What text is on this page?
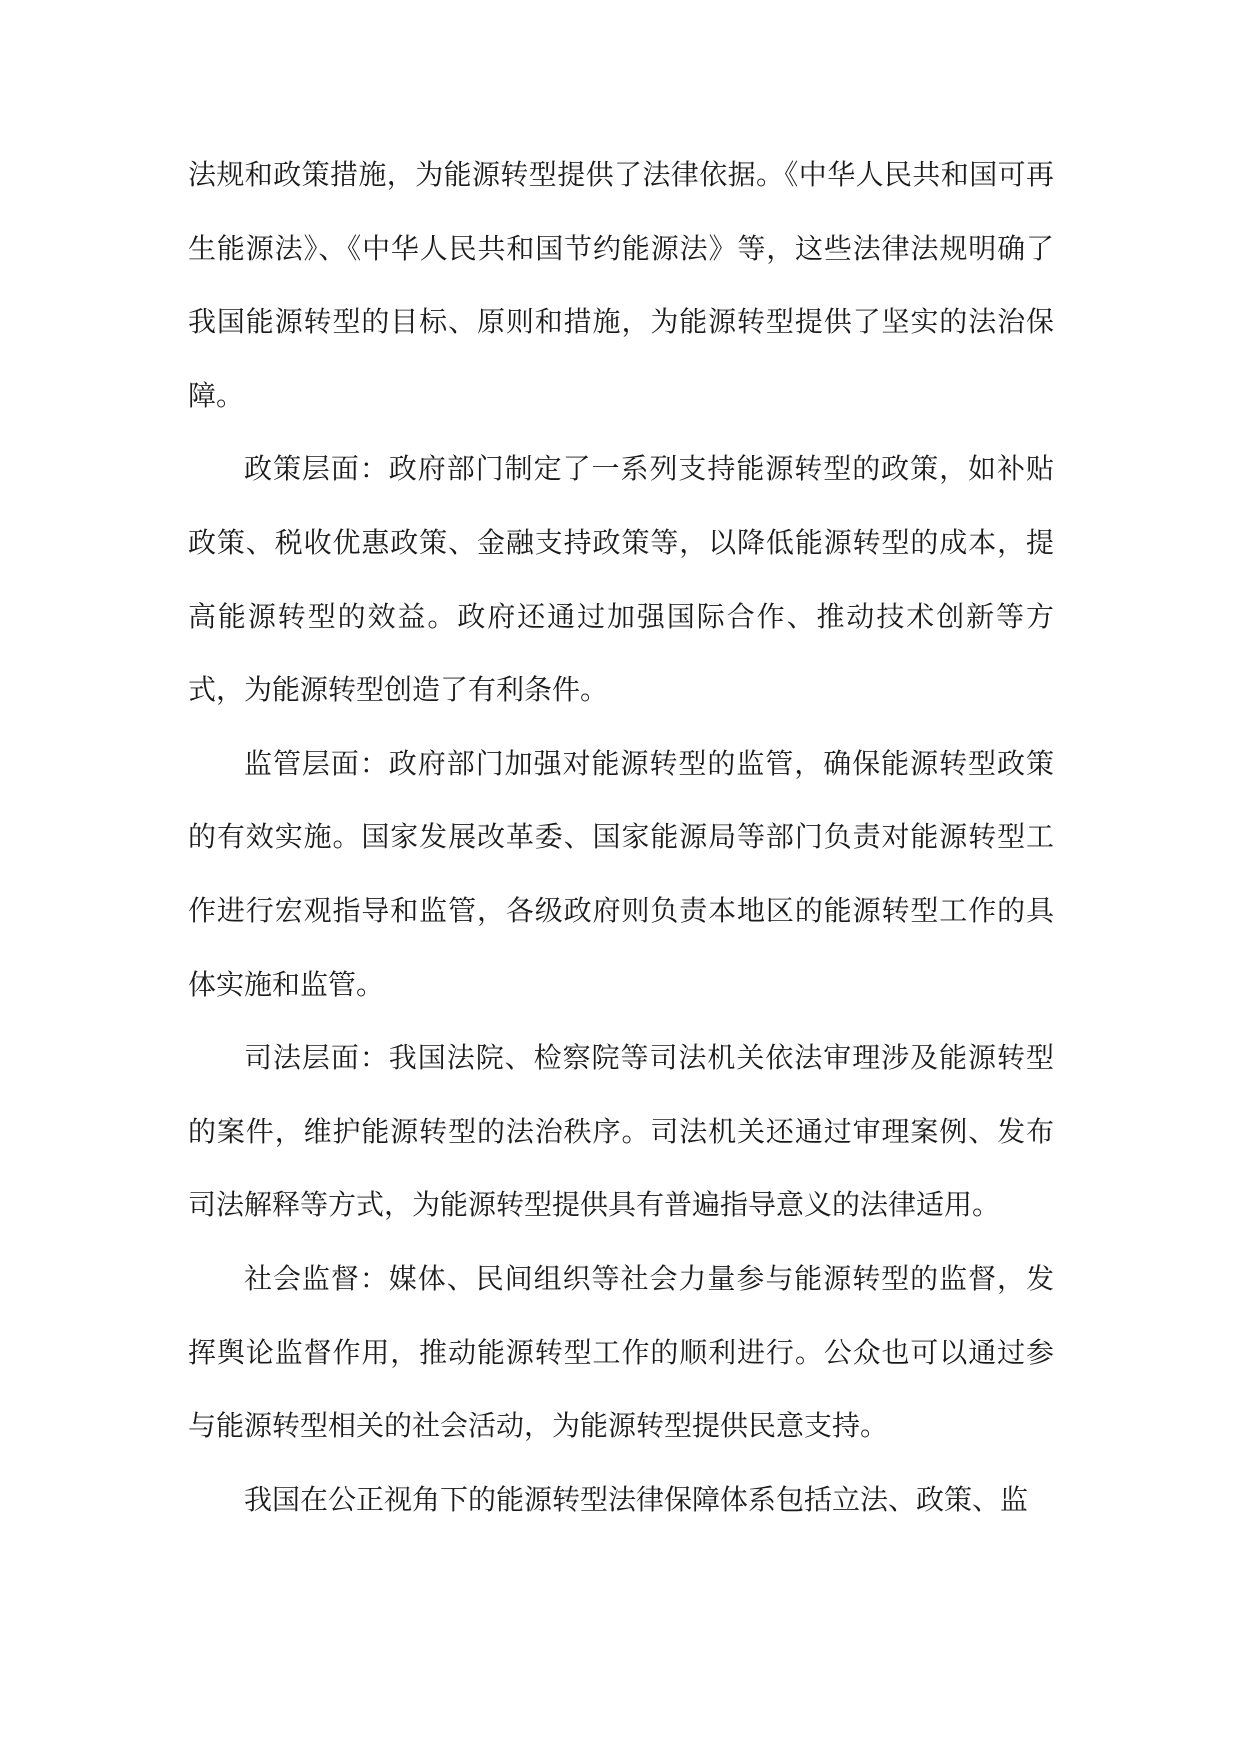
法规和政策措施，为能源转型提供了法律依据。《中华人民共和国可再生能源法》、《中华人民共和国节约能源法》等，这些法律法规明确了我国能源转型的目标、原则和措施，为能源转型提供了坚实的法治保障。

政策层面：政府部门制定了一系列支持能源转型的政策，如补贴政策、税收优惠政策、金融支持政策等，以降低能源转型的成本，提高能源转型的效益。政府还通过加强国际合作、推动技术创新等方式，为能源转型创造了有利条件。

监管层面：政府部门加强对能源转型的监管，确保能源转型政策的有效实施。国家发展改革委、国家能源局等部门负责对能源转型工作进行宏观指导和监管，各级政府则负责本地区的能源转型工作的具体实施和监管。

司法层面：我国法院、检察院等司法机关依法审理涉及能源转型的案件，维护能源转型的法治秩序。司法机关还通过审理案例、发布司法解释等方式，为能源转型提供具有普遍指导意义的法律适用。

社会监督：媒体、民间组织等社会力量参与能源转型的监督，发挥舆论监督作用，推动能源转型工作的顺利进行。公众也可以通过参与能源转型相关的社会活动，为能源转型提供民意支持。

我国在公正视角下的能源转型法律保障体系包括立法、政策、监
